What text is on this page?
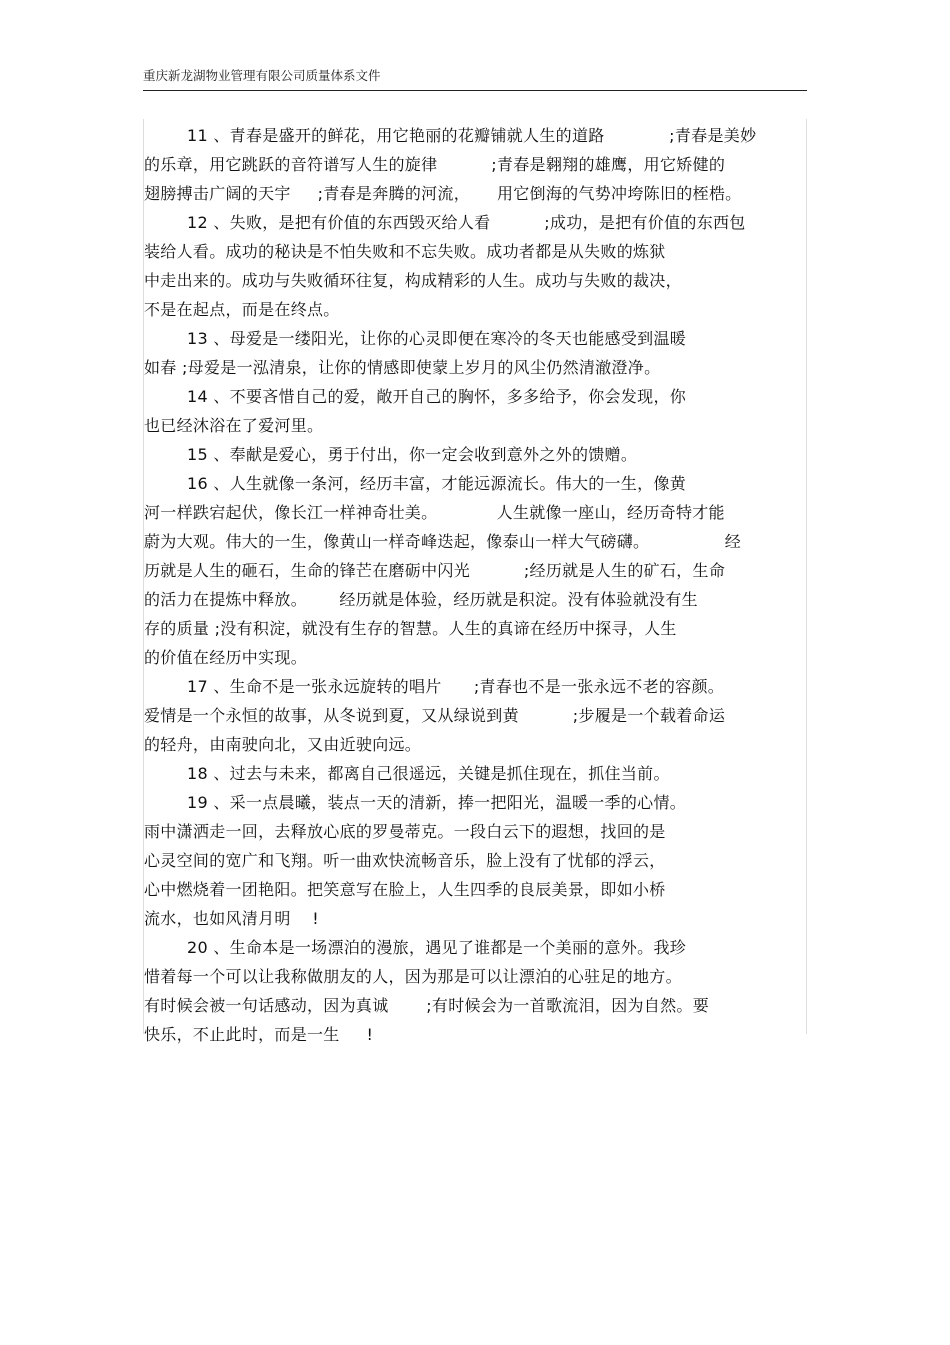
重庆新龙湖物业管理有限公司质量体系文件
11 、青春是盛开的鲜花，用它艳丽的花瓣铺就人生的道路            ;青春是美妙
的乐章，用它跳跃的音符谱写人生的旋律          ;青春是翱翔的雄鹰，用它矫健的
翅膀搏击广阔的天宇     ;青春是奔腾的河流，     用它倒海的气势冲垮陈旧的桎梏。
12 、失败，是把有价值的东西毁灭给人看          ;成功，是把有价值的东西包
装给人看。成功的秘诀是不怕失败和不忘失败。成功者都是从失败的炼狱
中走出来的。成功与失败循环往复，构成精彩的人生。成功与失败的裁决，
不是在起点，而是在终点。
13 、母爱是一缕阳光，让你的心灵即便在寒冷的冬天也能感受到温暖
如春 ;母爱是一泓清泉，让你的情感即使蒙上岁月的风尘仍然清澈澄净。
14 、不要吝惜自己的爱，敞开自己的胸怀，多多给予，你会发现，你
也已经沐浴在了爱河里。
15 、奉献是爱心，勇于付出，你一定会收到意外之外的馈赠。
16 、人生就像一条河，经历丰富，才能远源流长。伟大的一生，像黄
河一样跌宕起伏，像长江一样神奇壮美。           人生就像一座山，经历奇特才能
蔚为大观。伟大的一生，像黄山一样奇峰迭起，像泰山一样大气磅礴。              经
历就是人生的砸石，生命的锋芒在磨砺中闪光          ;经历就是人生的矿石，生命
的活力在提炼中释放。      经历就是体验，经历就是积淀。没有体验就没有生
存的质量 ;没有积淀，就没有生存的智慧。人生的真谛在经历中探寻，人生
的价值在经历中实现。
17 、生命不是一张永远旋转的唱片      ;青春也不是一张永远不老的容颜。
爱情是一个永恒的故事，从冬说到夏，又从绿说到黄          ;步履是一个载着命运
的轻舟，由南驶向北，又由近驶向远。
18 、过去与未来，都离自己很遥远，关键是抓住现在，抓住当前。
19 、采一点晨曦，装点一天的清新，捧一把阳光，温暖一季的心情。
雨中潇洒走一回，去释放心底的罗曼蒂克。一段白云下的遐想，找回的是
心灵空间的宽广和飞翔。听一曲欢快流畅音乐，脸上没有了忧郁的浮云，
心中燃烧着一团艳阳。把笑意写在脸上，人生四季的良辰美景，即如小桥
流水，也如风清月明    !
20 、生命本是一场漂泊的漫旅，遇见了谁都是一个美丽的意外。我珍
惜着每一个可以让我称做朋友的人，因为那是可以让漂泊的心驻足的地方。
有时候会被一句话感动，因为真诚       ;有时候会为一首歌流泪，因为自然。要
快乐，不止此时，而是一生     !
